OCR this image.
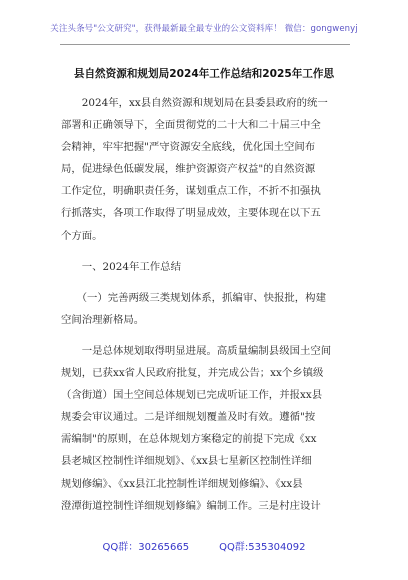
关注头条号"公文研究"，获得最新最全最专业的公文资料库！ 微信：gongwenyj
县自然资源和规划局2024年工作总结和2025年工作思
　　2024年，xx县自然资源和规划局在县委县政府的统一
部署和正确领导下，全面贯彻党的二十大和二十届三中全
会精神，牢牢把握"严守资源安全底线，优化国土空间布
局，促进绿色低碳发展，维护资源资产权益"的自然资源
工作定位，明确职责任务，谋划重点工作，不折不扣强执
行抓落实，各项工作取得了明显成效，主要体现在以下五
个方面。
　　一、2024年工作总结
　　（一）完善两级三类规划体系，抓编审、快报批，构建
空间治理新格局。
　　一是总体规划取得明显进展。高质量编制县级国土空间
规划，已获xx省人民政府批复，并完成公告；xx个乡镇级
（含街道）国土空间总体规划已完成听证工作，并报xx县
规委会审议通过。二是详细规划覆盖及时有效。遵循"按
需编制"的原则，在总体规划方案稳定的前提下完成《xx
县老城区控制性详细规划》、《xx县七星新区控制性详细
规划修编》、《xx县江北控制性详细规划修编》、《xx县
澄潭街道控制性详细规划修编》编制工作。三是村庄设计
QQ群：30265665	QQ群:535304092
